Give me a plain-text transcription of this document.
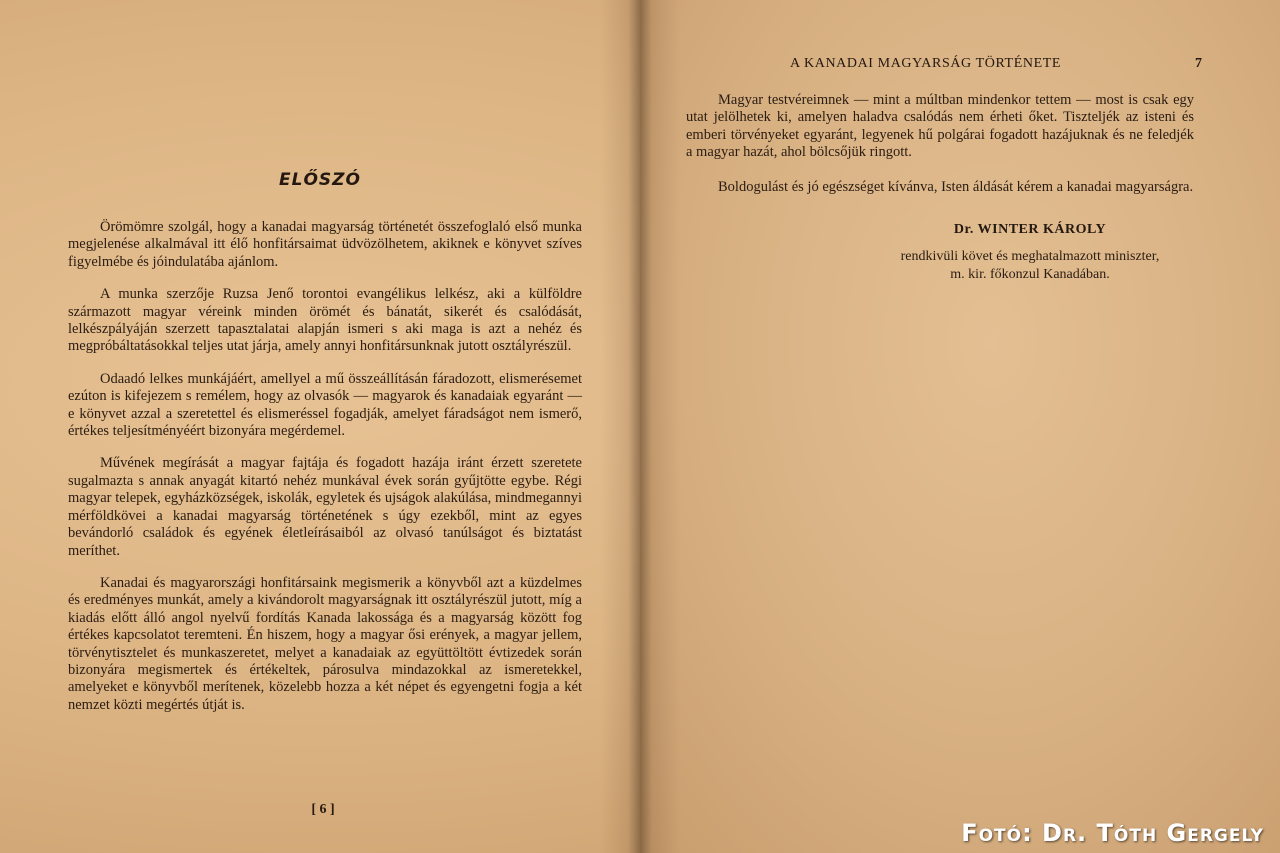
ELŐSZÓ

Örömömre szolgál, hogy a kanadai magyarság történetét összefoglaló első munka megjelenése alkalmával itt élő honfitársaimat üdvözölhetem, akiknek e könyvet szíves figyelmébe és jóindulatába ajánlom.

A munka szerzője Ruzsa Jenő torontoi evangélikus lelkész, aki a külföldre származott magyar véreink minden örömét és bánatát, sikerét és csalódását, lelkészpályáján szerzett tapasztalatai alapján ismeri s aki maga is azt a nehéz és megpróbáltatásokkal teljes utat járja, amely annyi honfitársunknak jutott osztályrészül.

Odaadó lelkes munkájáért, amellyel a mű összeállításán fáradozott, elismerésemet ezúton is kifejezem s remélem, hogy az olvasók — magyarok és kanadaiak egyaránt — e könyvet azzal a szeretettel és elismeréssel fogadják, amelyet fáradságot nem ismerő, értékes teljesítményéért bizonyára megérdemel.

Művének megírását a magyar fajtája és fogadott hazája iránt érzett szeretete sugalmazta s annak anyagát kitartó nehéz munkával évek során gyűjtötte egybe. Régi magyar telepek, egyházközségek, iskolák, egyletek és ujságok alakúlása, mindmegannyi mérföldkövei a kanadai magyarság történetének s úgy ezekből, mint az egyes bevándorló családok és egyének életleírásaiból az olvasó tanúlságot és biztatást meríthet.

Kanadai és magyarországi honfitársaink megismerik a könyvből azt a küzdelmes és eredményes munkát, amely a kivándorolt magyarságnak itt osztályrészül jutott, míg a kiadás előtt álló angol nyelvű fordítás Kanada lakossága és a magyarság között fog értékes kapcsolatot teremteni. Én hiszem, hogy a magyar ősi erények, a magyar jellem, törvénytisztelet és munkaszeretet, melyet a kanadaiak az együttöltött évtizedek során bizonyára megismertek és értékeltek, párosulva mindazokkal az ismeretekkel, amelyeket e könyvből merítenek, közelebb hozza a két népet és egyengetni fogja a két nemzet közti megértés útját is.

[ 6 ]
A KANADAI MAGYARSÁG TÖRTÉNETE	7

Magyar testvéreimnek — mint a múltban mindenkor tettem — most is csak egy utat jelölhetek ki, amelyen haladva csalódás nem érheti őket. Tiszteljék az isteni és emberi törvényeket egyaránt, legyenek hű polgárai fogadott hazájuknak és ne feledjék a magyar hazát, ahol bölcsőjük ringott.

Boldogulást és jó egészséget kívánva, Isten áldását kérem a kanadai magyarságra.

Dr. WINTER KÁROLY
rendkivüli követ és meghatalmazott miniszter,
m. kir. főkonzul Kanadában.
Fotó: Dr. Tóth Gergely
